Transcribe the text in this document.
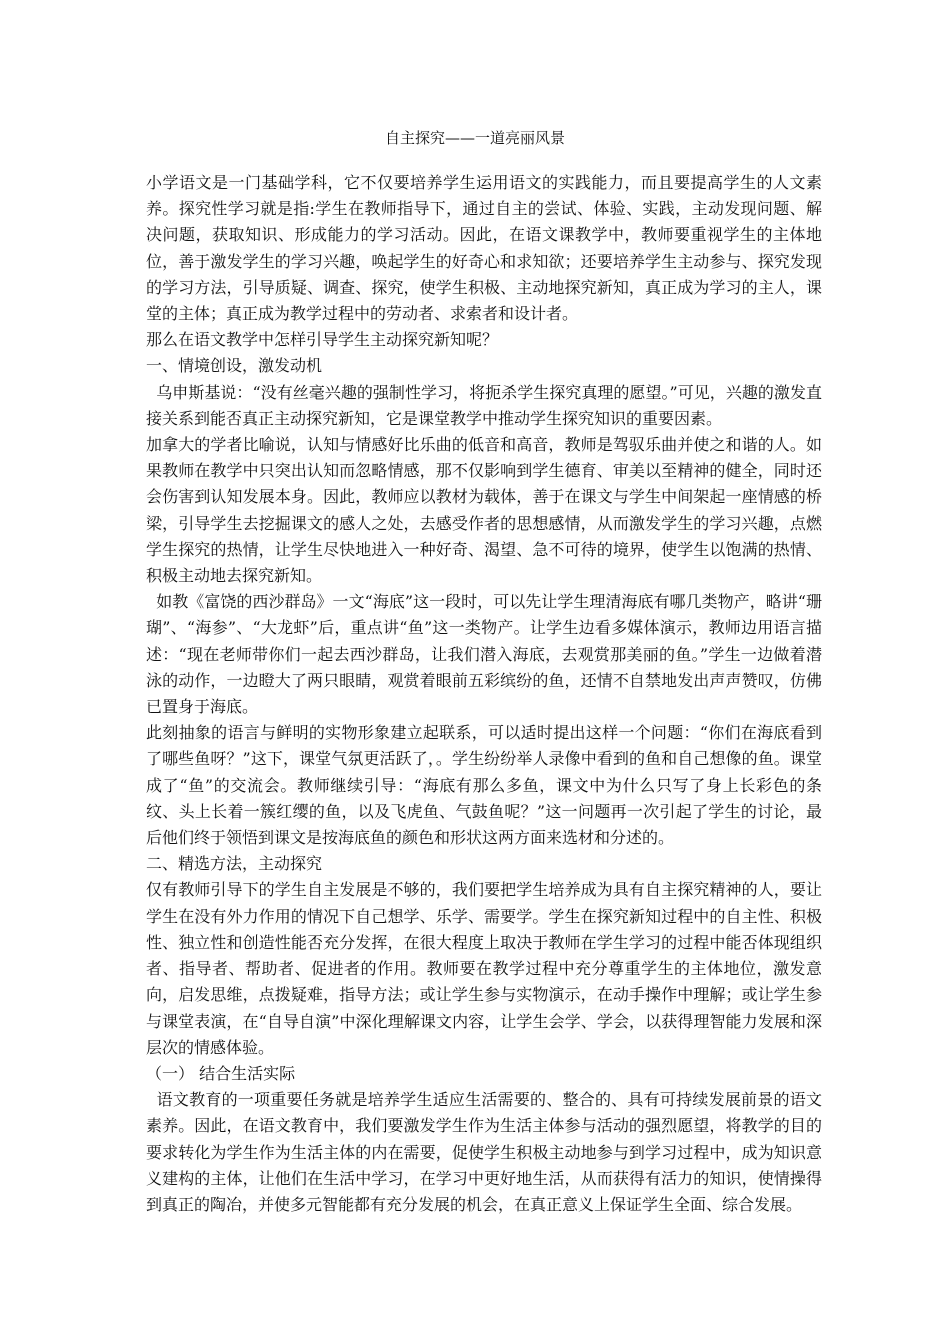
自主探究——一道亮丽风景

小学语文是一门基础学科，它不仅要培养学生运用语文的实践能力，而且要提高学生的人文素养。探究性学习就是指:学生在教师指导下，通过自主的尝试、体验、实践，主动发现问题、解决问题，获取知识、形成能力的学习活动。因此，在语文课教学中，教师要重视学生的主体地位，善于激发学生的学习兴趣，唤起学生的好奇心和求知欲；还要培养学生主动参与、探究发现的学习方法，引导质疑、调查、探究，使学生积极、主动地探究新知，真正成为学习的主人，课堂的主体；真正成为教学过程中的劳动者、求索者和设计者。

那么在语文教学中怎样引导学生主动探究新知呢？

一、情境创设，激发动机

乌申斯基说：“没有丝毫兴趣的强制性学习，将扼杀学生探究真理的愿望。”可见，兴趣的激发直接关系到能否真正主动探究新知，它是课堂教学中推动学生探究知识的重要因素。

加拿大的学者比喻说，认知与情感好比乐曲的低音和高音，教师是驾驭乐曲并使之和谐的人。如果教师在教学中只突出认知而忽略情感，那不仅影响到学生德育、审美以至精神的健全，同时还会伤害到认知发展本身。因此，教师应以教材为载体，善于在课文与学生中间架起一座情感的桥梁，引导学生去挖掘课文的感人之处，去感受作者的思想感情，从而激发学生的学习兴趣，点燃学生探究的热情，让学生尽快地进入一种好奇、渴望、急不可待的境界，使学生以饱满的热情、积极主动地去探究新知。

如教《富饶的西沙群岛》一文“海底”这一段时，可以先让学生理清海底有哪几类物产，略讲“珊瑚”、“海参”、“大龙虾”后，重点讲“鱼”这一类物产。让学生边看多媒体演示，教师边用语言描述：“现在老师带你们一起去西沙群岛，让我们潜入海底，去观赏那美丽的鱼。”学生一边做着潜泳的动作，一边瞪大了两只眼睛，观赏着眼前五彩缤纷的鱼，还情不自禁地发出声声赞叹，仿佛已置身于海底。

此刻抽象的语言与鲜明的实物形象建立起联系，可以适时提出这样一个问题：“你们在海底看到了哪些鱼呀？”这下，课堂气氛更活跃了，。学生纷纷举人录像中看到的鱼和自己想像的鱼。课堂成了“鱼”的交流会。教师继续引导：“海底有那么多鱼，课文中为什么只写了身上长彩色的条纹、头上长着一簇红缨的鱼，以及飞虎鱼、气鼓鱼呢？”这一问题再一次引起了学生的讨论，最后他们终于领悟到课文是按海底鱼的颜色和形状这两方面来选材和分述的。

二、精选方法，主动探究

仅有教师引导下的学生自主发展是不够的，我们要把学生培养成为具有自主探究精神的人，要让学生在没有外力作用的情况下自己想学、乐学、需要学。学生在探究新知过程中的自主性、积极性、独立性和创造性能否充分发挥，在很大程度上取决于教师在学生学习的过程中能否体现组织者、指导者、帮助者、促进者的作用。教师要在教学过程中充分尊重学生的主体地位，激发意向，启发思维，点拨疑难，指导方法；或让学生参与实物演示，在动手操作中理解；或让学生参与课堂表演，在“自导自演”中深化理解课文内容，让学生会学、学会，以获得理智能力发展和深层次的情感体验。

（一） 结合生活实际

语文教育的一项重要任务就是培养学生适应生活需要的、整合的、具有可持续发展前景的语文素养。因此，在语文教育中，我们要激发学生作为生活主体参与活动的强烈愿望，将教学的目的要求转化为学生作为生活主体的内在需要，促使学生积极主动地参与到学习过程中，成为知识意义建构的主体，让他们在生活中学习，在学习中更好地生活，从而获得有活力的知识，使情操得到真正的陶冶，并使多元智能都有充分发展的机会，在真正意义上保证学生全面、综合发展。
